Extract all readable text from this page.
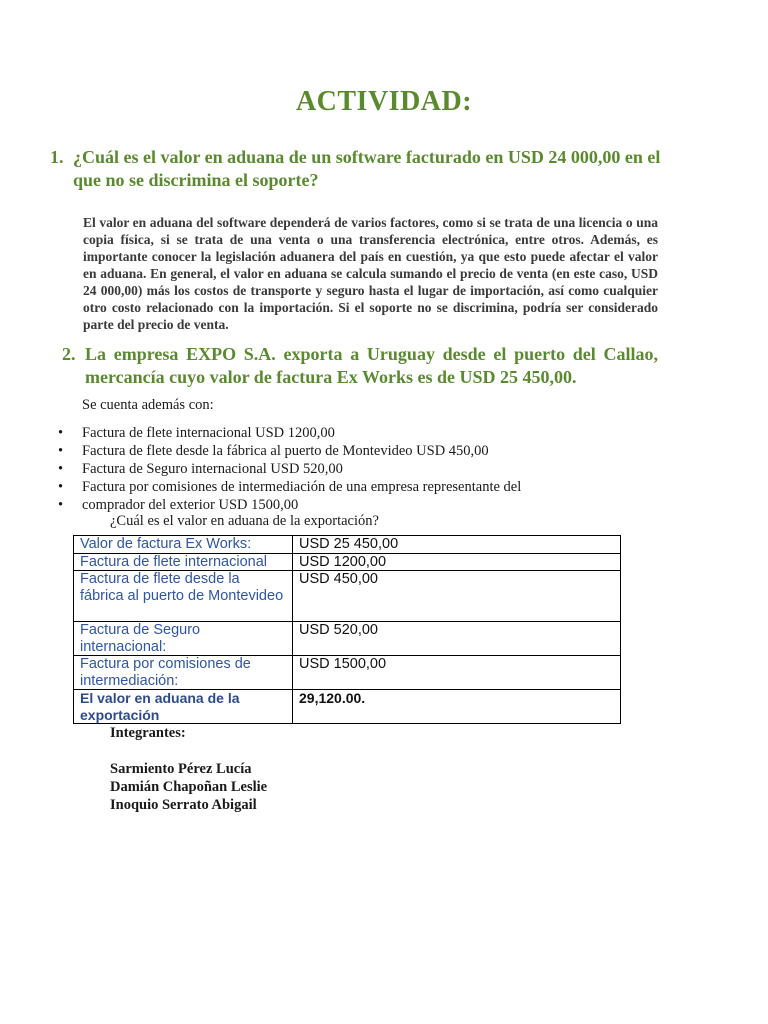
ACTIVIDAD:
1. ¿Cuál es el valor en aduana de un software facturado en USD 24 000,00 en el que no se discrimina el soporte?
El valor en aduana del software dependerá de varios factores, como si se trata de una licencia o una copia física, si se trata de una venta o una transferencia electrónica, entre otros. Además, es importante conocer la legislación aduanera del país en cuestión, ya que esto puede afectar el valor en aduana. En general, el valor en aduana se calcula sumando el precio de venta (en este caso, USD 24 000,00) más los costos de transporte y seguro hasta el lugar de importación, así como cualquier otro costo relacionado con la importación. Si el soporte no se discrimina, podría ser considerado parte del precio de venta.
2. La empresa EXPO S.A. exporta a Uruguay desde el puerto del Callao, mercancía cuyo valor de factura Ex Works es de USD 25 450,00.
Se cuenta además con:
• Factura de flete internacional USD 1200,00
• Factura de flete desde la fábrica al puerto de Montevideo USD 450,00
• Factura de Seguro internacional USD 520,00
• Factura por comisiones de intermediación de una empresa representante del
• comprador del exterior USD 1500,00
¿Cuál es el valor en aduana de la exportación?
Valor de factura Ex Works:	USD 25 450,00
Factura de flete internacional	USD 1200,00
Factura de flete desde la fábrica al puerto de Montevideo	USD 450,00
Factura de Seguro internacional:	USD 520,00
Factura por comisiones de intermediación:	USD 1500,00
El valor en aduana de la exportación	29,120.00.
Integrantes:
Sarmiento Pérez Lucía
Damián Chapoñan Leslie
Inoquio Serrato Abigail
